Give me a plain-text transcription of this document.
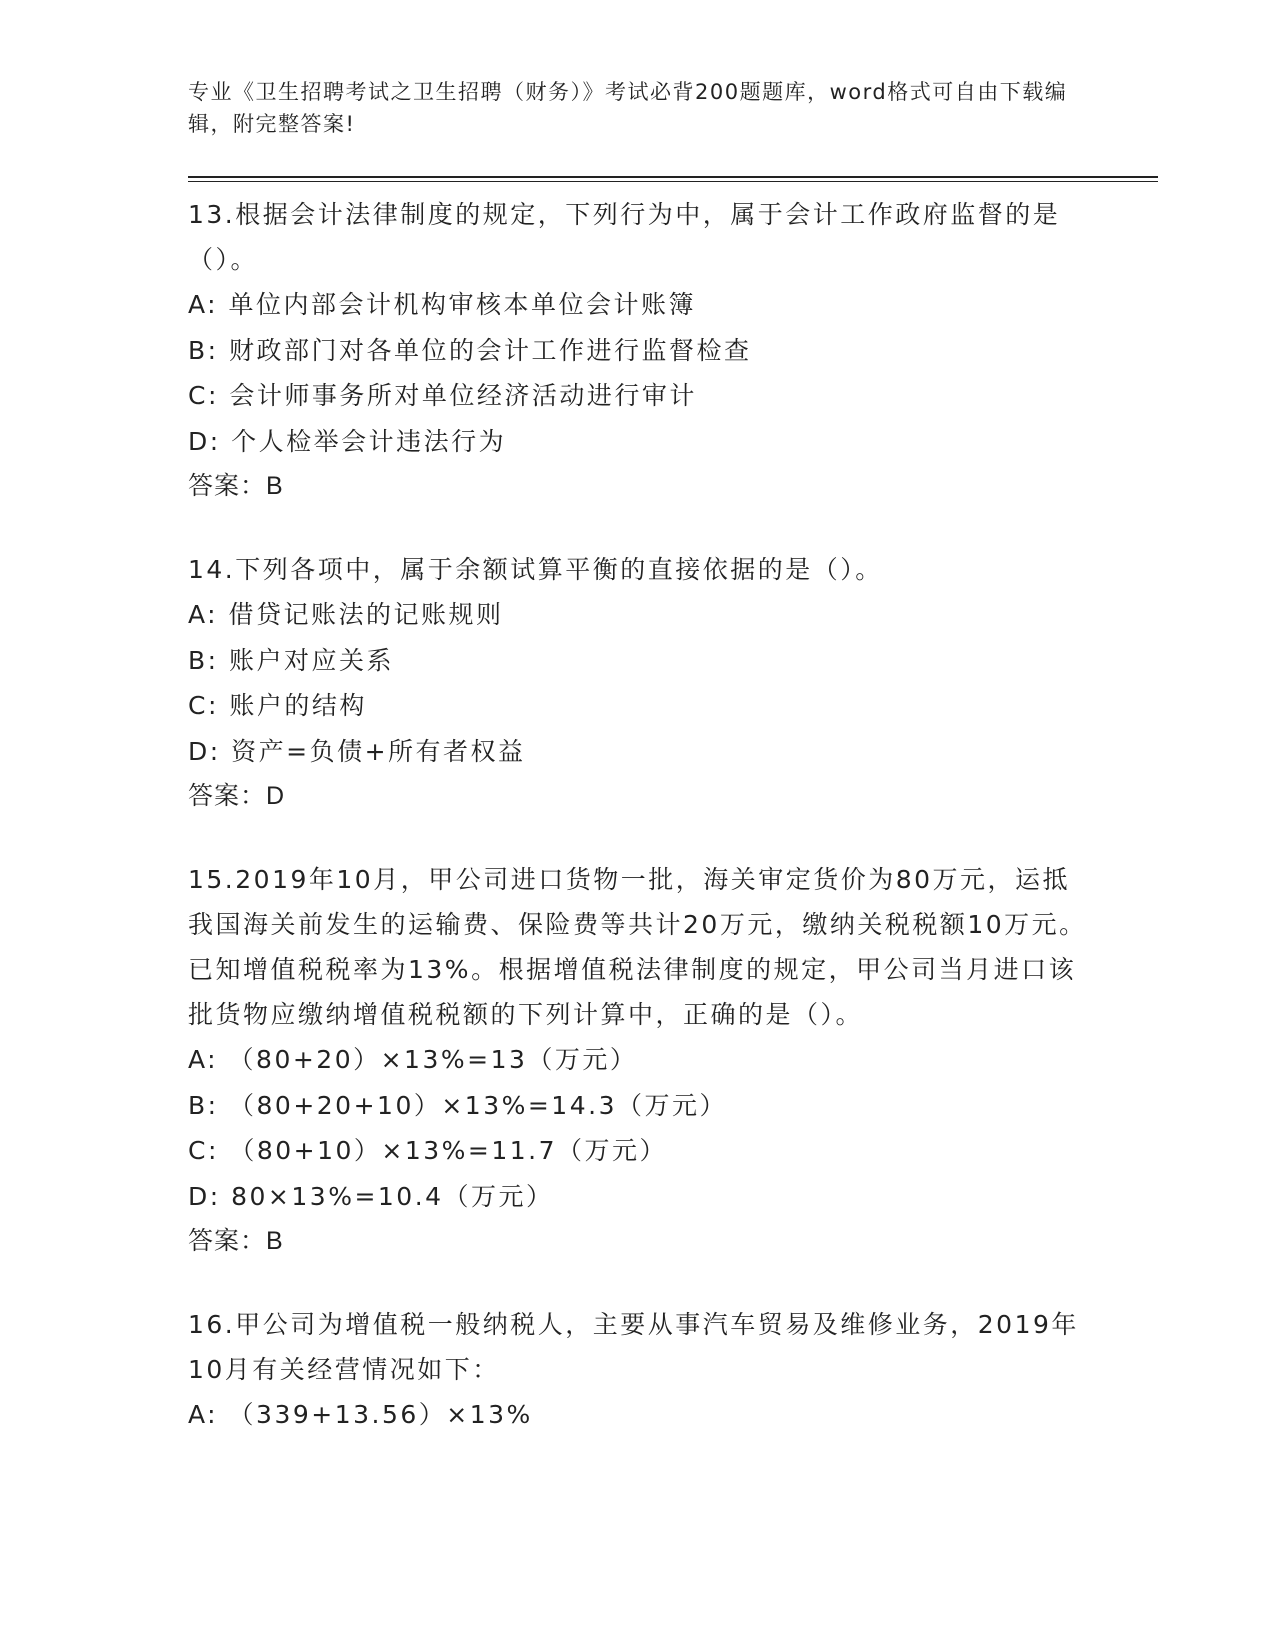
专业《卫生招聘考试之卫生招聘（财务）》考试必背200题题库，word格式可自由下载编辑，附完整答案!

13.根据会计法律制度的规定，下列行为中，属于会计工作政府监督的是（）。

A: 单位内部会计机构审核本单位会计账簿

B: 财政部门对各单位的会计工作进行监督检查

C: 会计师事务所对单位经济活动进行审计

D: 个人检举会计违法行为

答案：B

14.下列各项中，属于余额试算平衡的直接依据的是（）。

A: 借贷记账法的记账规则

B: 账户对应关系

C: 账户的结构

D: 资产=负债+所有者权益

答案：D

15.2019年10月，甲公司进口货物一批，海关审定货价为80万元，运抵我国海关前发生的运输费、保险费等共计20万元，缴纳关税税额10万元。已知增值税税率为13%。根据增值税法律制度的规定，甲公司当月进口该批货物应缴纳增值税税额的下列计算中，正确的是（）。

A: （80+20）×13%=13（万元）

B: （80+20+10）×13%=14.3（万元）

C: （80+10）×13%=11.7（万元）

D: 80×13%=10.4（万元）

答案：B

16.甲公司为增值税一般纳税人，主要从事汽车贸易及维修业务，2019年10月有关经营情况如下：

A: （339+13.56）×13%
